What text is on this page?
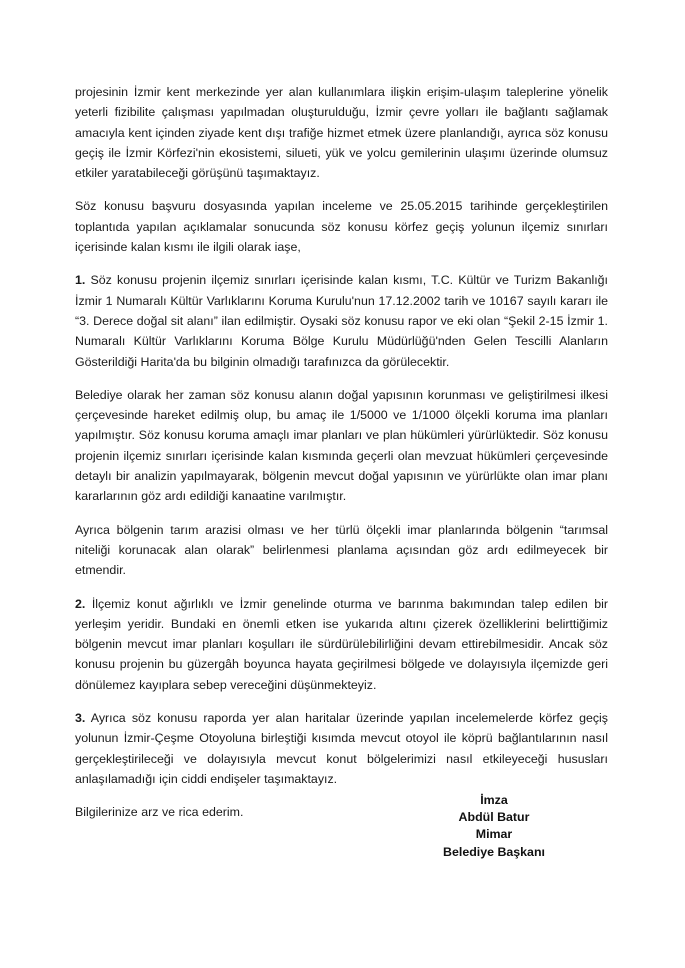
projesinin İzmir kent merkezinde yer alan kullanımlara ilişkin erişim-ulaşım taleplerine yönelik yeterli fizibilite çalışması yapılmadan oluşturulduğu, İzmir çevre yolları ile bağlantı sağlamak amacıyla kent içinden ziyade kent dışı trafiğe hizmet etmek üzere planlandığı, ayrıca söz konusu geçiş ile İzmir Körfezi'nin ekosistemi, silueti, yük ve yolcu gemilerinin ulaşımı üzerinde olumsuz etkiler yaratabileceği görüşünü taşımaktayız.

Söz konusu başvuru dosyasında yapılan inceleme ve 25.05.2015 tarihinde gerçekleştirilen toplantıda yapılan açıklamalar sonucunda söz konusu körfez geçiş yolunun ilçemiz sınırları içerisinde kalan kısmı ile ilgili olarak iaşe,

1. Söz konusu projenin ilçemiz sınırları içerisinde kalan kısmı, T.C. Kültür ve Turizm Bakanlığı İzmir 1 Numaralı Kültür Varlıklarını Koruma Kurulu'nun 17.12.2002 tarih ve 10167 sayılı kararı ile “3. Derece doğal sit alanı” ilan edilmiştir. Oysaki söz konusu rapor ve eki olan “Şekil 2-15 İzmir 1. Numaralı Kültür Varlıklarını Koruma Bölge Kurulu Müdürlüğü'nden Gelen Tescilli Alanların Gösterildiği Harita'da bu bilginin olmadığı tarafınızca da görülecektir.

Belediye olarak her zaman söz konusu alanın doğal yapısının korunması ve geliştirilmesi ilkesi çerçevesinde hareket edilmiş olup, bu amaç ile 1/5000 ve 1/1000 ölçekli koruma ima planları yapılmıştır. Söz konusu koruma amaçlı imar planları ve plan hükümleri yürürlüktedir. Söz konusu projenin ilçemiz sınırları içerisinde kalan kısmında geçerli olan mevzuat hükümleri çerçevesinde detaylı bir analizin yapılmayarak, bölgenin mevcut doğal yapısının ve yürürlükte olan imar planı kararlarının göz ardı edildiği kanaatine varılmıştır.

Ayrıca bölgenin tarım arazisi olması ve her türlü ölçekli imar planlarında bölgenin “tarımsal niteliği korunacak alan olarak” belirlenmesi planlama açısından göz ardı edilmeyecek bir etmendir.

2. İlçemiz konut ağırlıklı ve İzmir genelinde oturma ve barınma bakımından talep edilen bir yerleşim yeridir. Bundaki en önemli etken ise yukarıda altını çizerek özelliklerini belirttiğimiz bölgenin mevcut imar planları koşulları ile sürdürülebilirliğini devam ettirebilmesidir. Ancak söz konusu projenin bu güzergâh boyunca hayata geçirilmesi bölgede ve dolayısıyla ilçemizde geri dönülemez kayıplara sebep vereceğini düşünmekteyiz.

3. Ayrıca söz konusu raporda yer alan haritalar üzerinde yapılan incelemelerde körfez geçiş yolunun İzmir-Çeşme Otoyoluna birleştiği kısımda mevcut otoyol ile köprü bağlantılarının nasıl gerçekleştirileceği ve dolayısıyla mevcut konut bölgelerimizi nasıl etkileyeceği hususları anlaşılamadığı için ciddi endişeler taşımaktayız.

Bilgilerinize arz ve rica ederim.

İmza
Abdül Batur
Mimar
Belediye Başkanı
